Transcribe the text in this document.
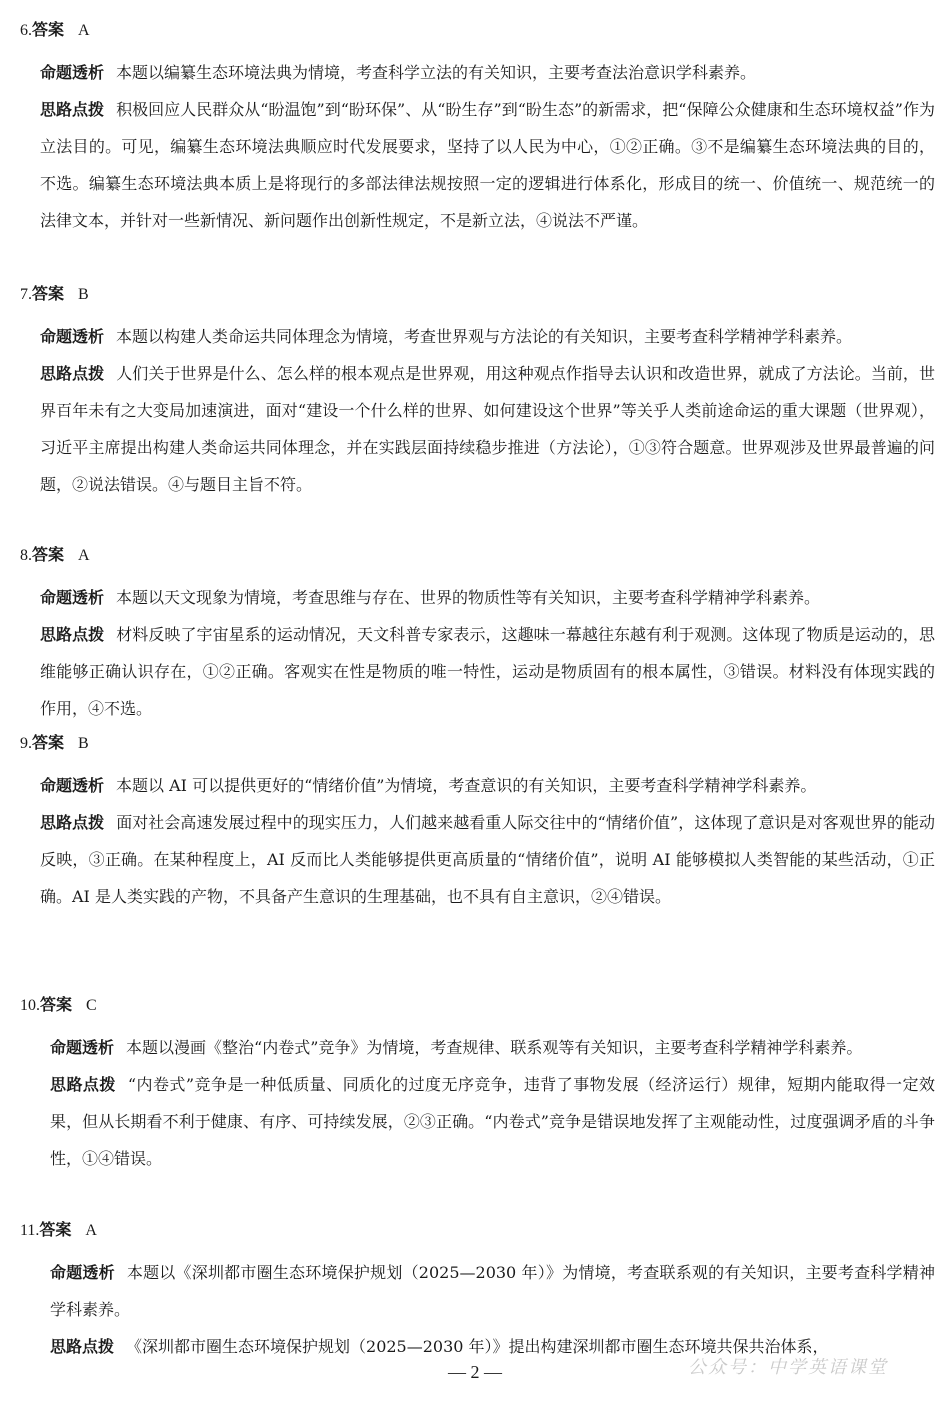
6.答案 A

命题透析 本题以编纂生态环境法典为情境，考查科学立法的有关知识，主要考查法治意识学科素养。

思路点拨 积极回应人民群众从“盼温饱”到“盼环保”、从“盼生存”到“盼生态”的新需求，把“保障公众健康和生态环境权益”作为立法目的。可见，编纂生态环境法典顺应时代发展要求，坚持了以人民为中心，①②正确。③不是编纂生态环境法典的目的，不选。编纂生态环境法典本质上是将现行的多部法律法规按照一定的逻辑进行体系化，形成目的统一、价值统一、规范统一的法律文本，并针对一些新情况、新问题作出创新性规定，不是新立法，④说法不严谨。

7.答案 B

命题透析 本题以构建人类命运共同体理念为情境，考查世界观与方法论的有关知识，主要考查科学精神学科素养。

思路点拨 人们关于世界是什么、怎么样的根本观点是世界观，用这种观点作指导去认识和改造世界，就成了方法论。当前，世界百年未有之大变局加速演进，面对“建设一个什么样的世界、如何建设这个世界”等关乎人类前途命运的重大课题（世界观），习近平主席提出构建人类命运共同体理念，并在实践层面持续稳步推进（方法论），①③符合题意。世界观涉及世界最普遍的问题，②说法错误。④与题目主旨不符。

8.答案 A

命题透析 本题以天文现象为情境，考查思维与存在、世界的物质性等有关知识，主要考查科学精神学科素养。

思路点拨 材料反映了宇宙星系的运动情况，天文科普专家表示，这趣味一幕越往东越有利于观测。这体现了物质是运动的，思维能够正确认识存在，①②正确。客观实在性是物质的唯一特性，运动是物质固有的根本属性，③错误。材料没有体现实践的作用，④不选。

9.答案 B

命题透析 本题以 AI 可以提供更好的“情绪价值”为情境，考查意识的有关知识，主要考查科学精神学科素养。

思路点拨 面对社会高速发展过程中的现实压力，人们越来越看重人际交往中的“情绪价值”，这体现了意识是对客观世界的能动反映，③正确。在某种程度上，AI 反而比人类能够提供更高质量的“情绪价值”，说明 AI 能够模拟人类智能的某些活动，①正确。AI 是人类实践的产物，不具备产生意识的生理基础，也不具有自主意识，②④错误。

10.答案 C

命题透析 本题以漫画《整治“内卷式”竞争》为情境，考查规律、联系观等有关知识，主要考查科学精神学科素养。

思路点拨 “内卷式”竞争是一种低质量、同质化的过度无序竞争，违背了事物发展（经济运行）规律，短期内能取得一定效果，但从长期看不利于健康、有序、可持续发展，②③正确。“内卷式”竞争是错误地发挥了主观能动性，过度强调矛盾的斗争性，①④错误。

11.答案 A

命题透析 本题以《深圳都市圈生态环境保护规划（2025—2030 年）》为情境，考查联系观的有关知识，主要考查科学精神学科素养。

思路点拨 《深圳都市圈生态环境保护规划（2025—2030 年）》提出构建深圳都市圈生态环境共保共治体系，

— 2 —	公众号：中学英语课堂
